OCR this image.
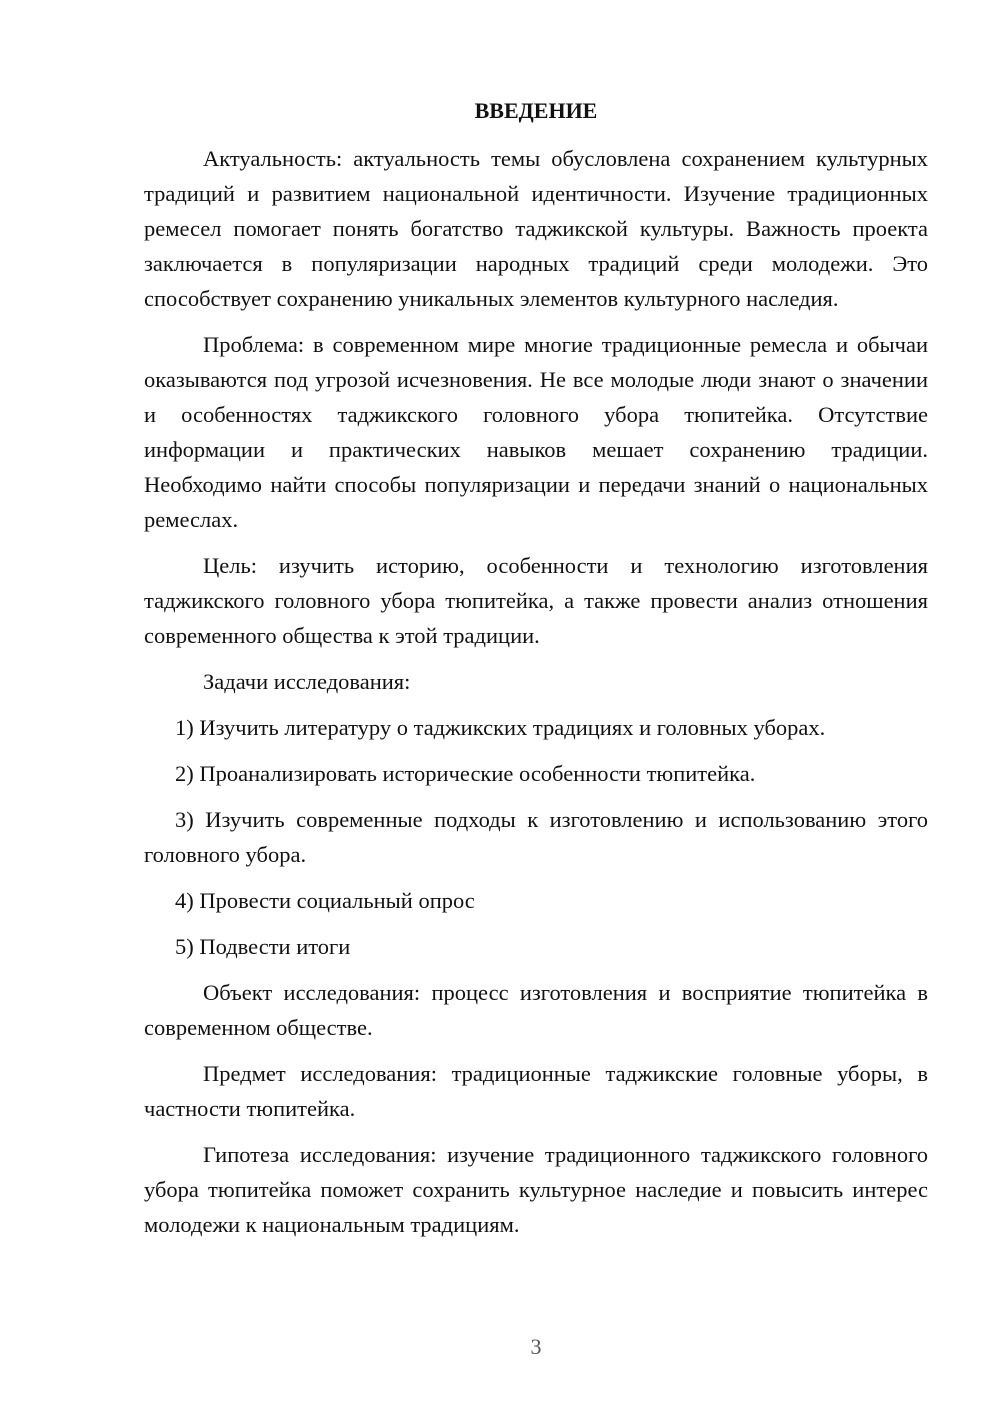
ВВЕДЕНИЕ

Актуальность: актуальность темы обусловлена сохранением культурных традиций и развитием национальной идентичности. Изучение традиционных ремесел помогает понять богатство таджикской культуры. Важность проекта заключается в популяризации народных традиций среди молодежи. Это способствует сохранению уникальных элементов культурного наследия.

Проблема: в современном мире многие традиционные ремесла и обычаи оказываются под угрозой исчезновения. Не все молодые люди знают о значении и особенностях таджикского головного убора тюпитейка. Отсутствие информации и практических навыков мешает сохранению традиции. Необходимо найти способы популяризации и передачи знаний о национальных ремеслах.

Цель: изучить историю, особенности и технологию изготовления таджикского головного убора тюпитейка, а также провести анализ отношения современного общества к этой традиции.

Задачи исследования:

1) Изучить литературу о таджикских традициях и головных уборах.

2) Проанализировать исторические особенности тюпитейка.

3) Изучить современные подходы к изготовлению и использованию этого головного убора.

4) Провести социальный опрос

5) Подвести итоги

Объект исследования: процесс изготовления и восприятие тюпитейка в современном обществе.

Предмет исследования: традиционные таджикские головные уборы, в частности тюпитейка.

Гипотеза исследования: изучение традиционного таджикского головного убора тюпитейка поможет сохранить культурное наследие и повысить интерес молодежи к национальным традициям.

3
